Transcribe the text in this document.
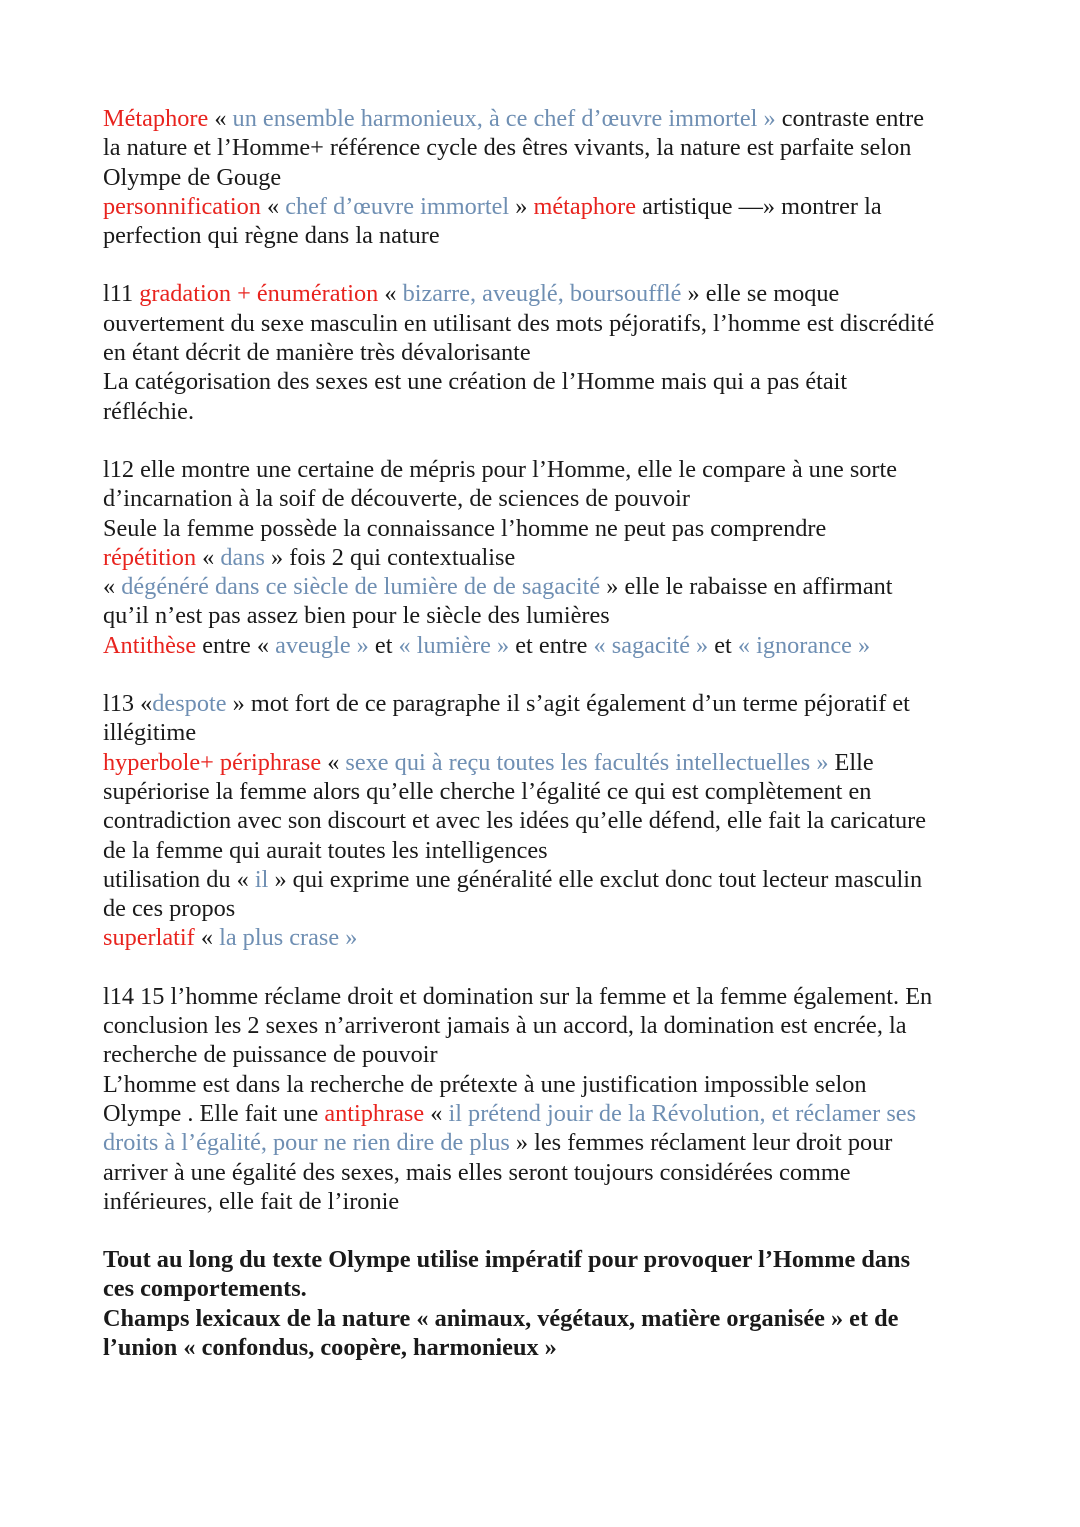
Métaphore « un ensemble harmonieux, à ce chef d’œuvre immortel » contraste entre
la nature et l’Homme+ référence cycle des êtres vivants, la nature est parfaite selon
Olympe de Gouge
personnification « chef d’œuvre immortel » métaphore artistique —» montrer la
perfection qui règne dans la nature
l11 gradation + énumération « bizarre, aveuglé, boursoufflé » elle se moque
ouvertement du sexe masculin en utilisant des mots péjoratifs, l’homme est discrédité
en étant décrit de manière très dévalorisante
La catégorisation des sexes est une création de l’Homme mais qui a pas était
réfléchie.
l12 elle montre une certaine de mépris pour l’Homme, elle le compare à une sorte
d’incarnation à la soif de découverte, de sciences de pouvoir
Seule la femme possède la connaissance l’homme ne peut pas comprendre
répétition « dans » fois 2 qui contextualise
« dégénéré dans ce siècle de lumière de de sagacité » elle le rabaisse en affirmant
qu’il n’est pas assez bien pour le siècle des lumières
Antithèse entre « aveugle » et « lumière » et entre « sagacité » et « ignorance »
l13 «despote » mot fort de ce paragraphe il s’agit également d’un terme péjoratif et
illégitime
hyperbole+ périphrase « sexe qui à reçu toutes les facultés intellectuelles » Elle
supériorise la femme alors qu’elle cherche l’égalité ce qui est complètement en
contradiction avec son discourt et avec les idées qu’elle défend, elle fait la caricature
de la femme qui aurait toutes les intelligences
utilisation du « il » qui exprime une généralité elle exclut donc tout lecteur masculin
de ces propos
superlatif « la plus crase »
l14 15 l’homme réclame droit et domination sur la femme et la femme également. En
conclusion les 2 sexes n’arriveront jamais à un accord, la domination est encrée, la
recherche de puissance de pouvoir
L’homme est dans la recherche de prétexte à une justification impossible selon
Olympe . Elle fait une antiphrase « il prétend jouir de la Révolution, et réclamer ses
droits à l’égalité, pour ne rien dire de plus » les femmes réclament leur droit pour
arriver à une égalité des sexes, mais elles seront toujours considérées comme
inférieures, elle fait de l’ironie
Tout au long du texte Olympe utilise impératif pour provoquer l’Homme dans
ces comportements.
Champs lexicaux de la nature « animaux, végétaux, matière organisée » et de
l’union « confondus, coopère, harmonieux »
